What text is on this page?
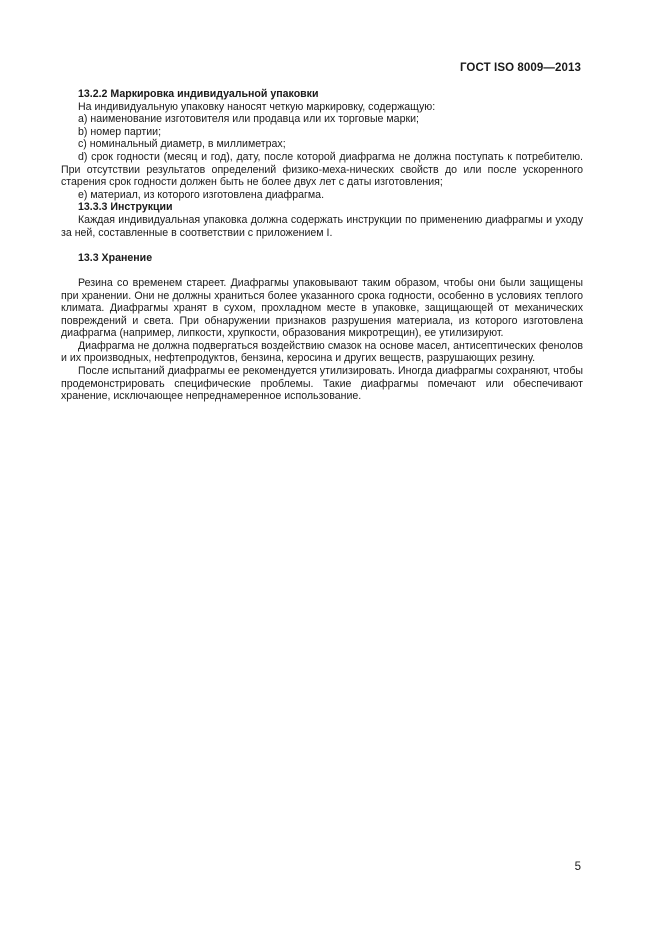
ГОСТ ISO 8009—2013

13.2.2 Маркировка индивидуальной упаковки

На индивидуальную упаковку наносят четкую маркировку, содержащую:

a) наименование изготовителя или продавца или их торговые марки;

b) номер партии;

c) номинальный диаметр, в миллиметрах;

d) срок годности (месяц и год), дату, после которой диафрагма не должна поступать к потребителю. При отсутствии результатов определений физико-меха-нических свойств до или после ускоренного старения срок годности должен быть не более двух лет с даты изготовления;

e) материал, из которого изготовлена диафрагма.

13.3.3 Инструкции

Каждая индивидуальная упаковка должна содержать инструкции по применению диафрагмы и уходу за ней, составленные в соответствии с приложением I.

13.3 Хранение

Резина со временем стареет. Диафрагмы упаковывают таким образом, чтобы они были защищены при хранении. Они не должны храниться более указанного срока годности, особенно в условиях теплого климата. Диафрагмы хранят в сухом, прохладном месте в упаковке, защищающей от механических повреждений и света. При обнаружении признаков разрушения материала, из которого изготовлена диафрагма (например, липкости, хрупкости, образования микротрещин), ее утилизируют.

Диафрагма не должна подвергаться воздействию смазок на основе масел, антисептических фенолов и их производных, нефтепродуктов, бензина, керосина и других веществ, разрушающих резину.

После испытаний диафрагмы ее рекомендуется утилизировать. Иногда диафрагмы сохраняют, чтобы продемонстрировать специфические проблемы. Такие диафрагмы помечают или обеспечивают хранение, исключающее непреднамеренное использование.

5
